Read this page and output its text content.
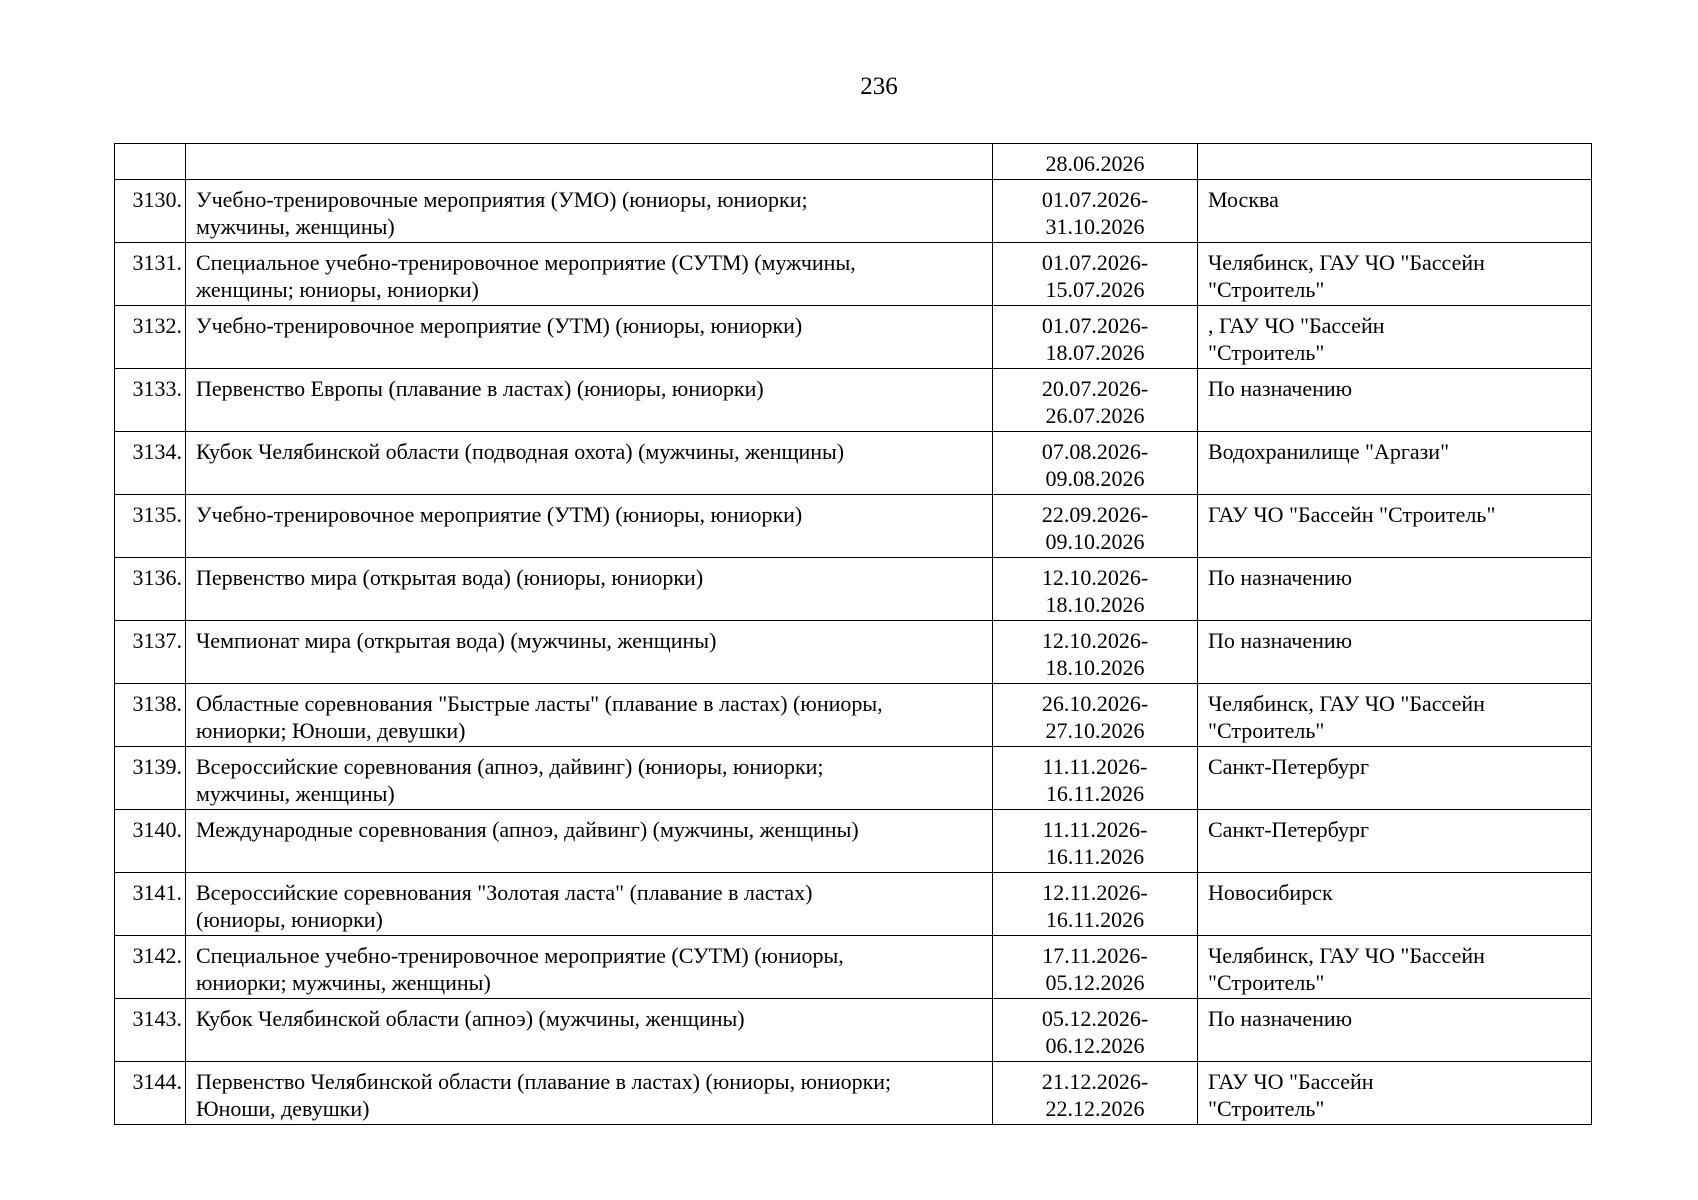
236

		28.06.2026	

3130.	Учебно-тренировочные мероприятия (УМО) (юниоры, юниорки;
мужчины, женщины)	01.07.2026-
31.10.2026	Москва

3131.	Специальное учебно-тренировочное мероприятие (СУТМ) (мужчины,
женщины; юниоры, юниорки)	01.07.2026-
15.07.2026	Челябинск, ГАУ ЧО "Бассейн
"Строитель"

3132.	Учебно-тренировочное мероприятие (УТМ) (юниоры, юниорки)	01.07.2026-
18.07.2026	, ГАУ ЧО "Бассейн
"Строитель"

3133.	Первенство Европы (плавание в ластах) (юниоры, юниорки)	20.07.2026-
26.07.2026	По назначению

3134.	Кубок Челябинской области (подводная охота) (мужчины, женщины)	07.08.2026-
09.08.2026	Водохранилище "Аргази"

3135.	Учебно-тренировочное мероприятие (УТМ) (юниоры, юниорки)	22.09.2026-
09.10.2026	ГАУ ЧО "Бассейн "Строитель"

3136.	Первенство мира (открытая вода) (юниоры, юниорки)	12.10.2026-
18.10.2026	По назначению

3137.	Чемпионат мира (открытая вода) (мужчины, женщины)	12.10.2026-
18.10.2026	По назначению

3138.	Областные соревнования "Быстрые ласты" (плавание в ластах) (юниоры,
юниорки; Юноши, девушки)	26.10.2026-
27.10.2026	Челябинск, ГАУ ЧО "Бассейн
"Строитель"

3139.	Всероссийские соревнования (апноэ, дайвинг) (юниоры, юниорки;
мужчины, женщины)	11.11.2026-
16.11.2026	Санкт-Петербург

3140.	Международные соревнования (апноэ, дайвинг) (мужчины, женщины)	11.11.2026-
16.11.2026	Санкт-Петербург

3141.	Всероссийские соревнования "Золотая ласта" (плавание в ластах)
(юниоры, юниорки)	12.11.2026-
16.11.2026	Новосибирск

3142.	Специальное учебно-тренировочное мероприятие (СУТМ) (юниоры,
юниорки; мужчины, женщины)	17.11.2026-
05.12.2026	Челябинск, ГАУ ЧО "Бассейн
"Строитель"

3143.	Кубок Челябинской области (апноэ) (мужчины, женщины)	05.12.2026-
06.12.2026	По назначению

3144.	Первенство Челябинской области (плавание в ластах) (юниоры, юниорки;
Юноши, девушки)	21.12.2026-
22.12.2026	ГАУ ЧО "Бассейн
"Строитель"
